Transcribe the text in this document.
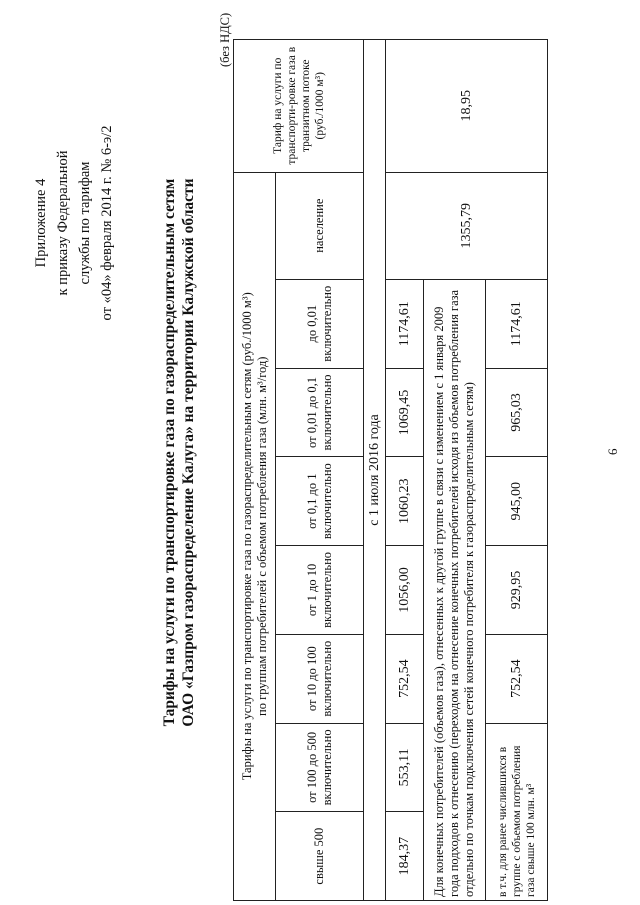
Приложение 4 к приказу Федеральной службы по тарифам от «04» февраля 2014 г. № 6-э/2	Тарифы на услуги по транспортировке газа по газораспределительным сетям ОАО «Газпром газораспределение Калуга» на территории Калужской области
(без НДС)
Тарифы на услуги по транспортировке газа по газораспределительным сетям (руб./1000 м³) по группам потребителей с объемом потребления газа (млн. м³/год)								Тариф на услуги по транспорти-ровке газа в транзитном потоке (руб./1000 м³)
свыше 500	от 100 до 500 включительно	от 10 до 100 включительно	от 1 до 10 включительно	от 0,1 до 1 включительно	от 0,01 до 0,1 включительно	до 0,01 включительно	население	
с 1 июля 2016 года								
184,37	553,11	752,54	1056,00	1060,23	1069,45	1174,61	1355,79	18,95
Для конечных потребителей (объемов газа), отнесенных к другой группе в связи с изменением с 1 января 2009 года подходов к отнесению (переходом на отнесение конечных потребителей исходя из объемов потребления газа отдельно по точкам подключения сетей конечного потребителя к газораспределительным сетям)								
в т.ч. для ранее числившихся в группе с объемом потребления газа свыше 100 млн. м³		752,54	929,95	945,00	965,03	1174,61		
6
